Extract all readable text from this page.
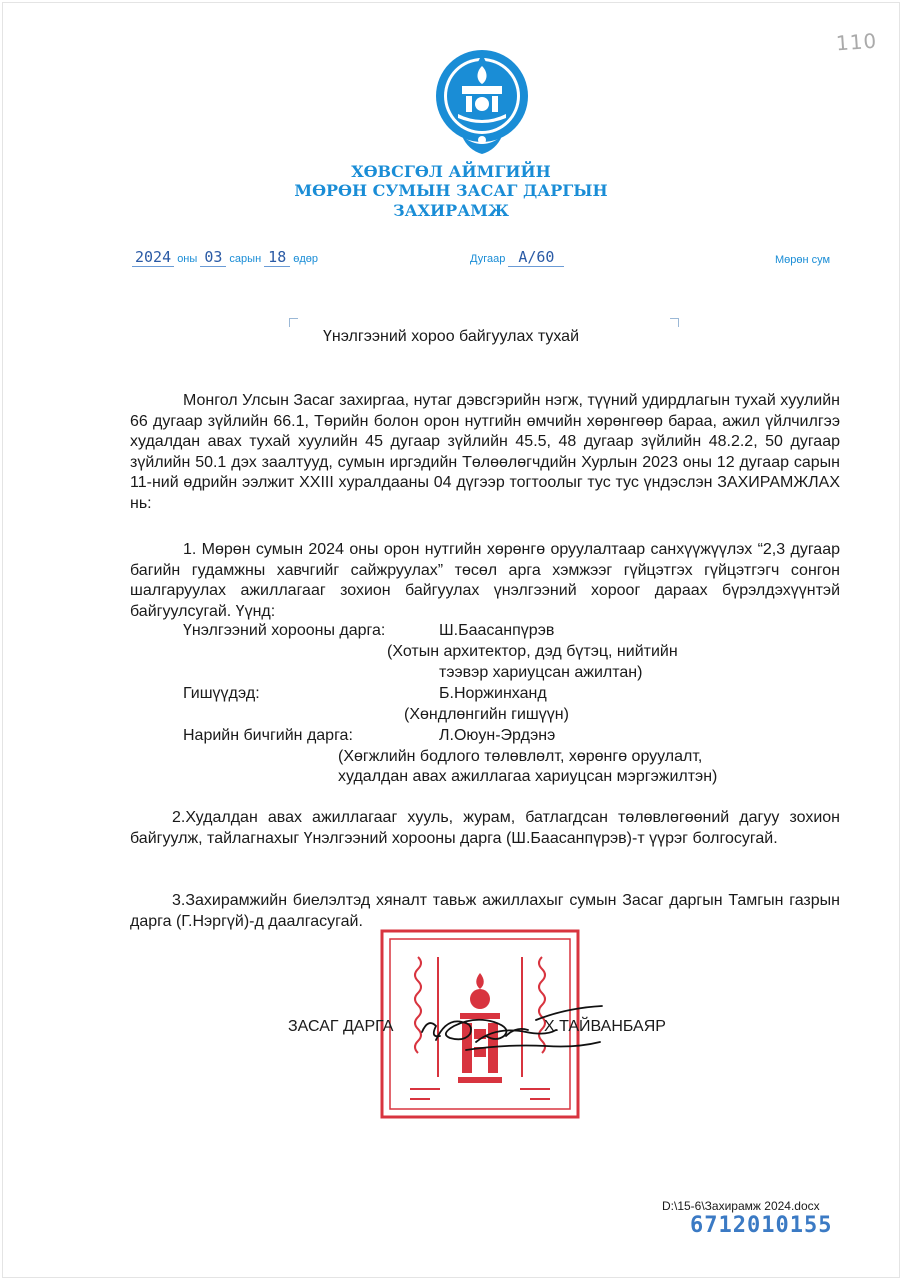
110
ХӨВСГӨЛ АЙМГИЙН
МӨРӨН СУМЫН ЗАСАГ ДАРГЫН
ЗАХИРАМЖ
2024 оны 03 сарын 18 өдөр	Дугаар А/60	Мөрөн сум
Үнэлгээний хороо байгуулах тухай
Монгол Улсын Засаг захиргаа, нутаг дэвсгэрийн нэгж, түүний удирдлагын тухай хуулийн 66 дугаар зүйлийн 66.1, Төрийн болон орон нутгийн өмчийн хөрөнгөөр бараа, ажил үйлчилгээ худалдан авах тухай хуулийн 45 дугаар зүйлийн 45.5, 48 дугаар зүйлийн 48.2.2, 50 дугаар зүйлийн 50.1 дэх заалтууд, сумын иргэдийн Төлөөлөгчдийн Хурлын 2023 оны 12 дугаар сарын 11-ний өдрийн ээлжит XXIII хуралдааны 04 дүгээр тогтоолыг тус тус үндэслэн ЗАХИРАМЖЛАХ нь:
1. Мөрөн сумын 2024 оны орон нутгийн хөрөнгө оруулалтаар санхүүжүүлэх “2,3 дугаар багийн гудамжны хавчгийг сайжруулах” төсөл арга хэмжээг гүйцэтгэх гүйцэтгэгч сонгон шалгаруулах ажиллагааг зохион байгуулах үнэлгээний хороог дараах бүрэлдэхүүнтэй байгуулсугай. Үүнд:
Үнэлгээний хорооны дарга:	Ш.Баасанпүрэв
(Хотын архитектор, дэд бүтэц, нийтийн
тээвэр хариуцсан ажилтан)
Гишүүдэд:	Б.Норжинханд
(Хөндлөнгийн гишүүн)
Нарийн бичгийн дарга:	Л.Оюун-Эрдэнэ
(Хөгжлийн бодлого төлөвлөлт, хөрөнгө оруулалт,
худалдан авах ажиллагаа хариуцсан мэргэжилтэн)
2.Худалдан авах ажиллагааг хууль, журам, батлагдсан төлөвлөгөөний дагуу зохион байгуулж, тайлагнахыг Үнэлгээний хорооны дарга (Ш.Баасанпүрэв)-т үүрэг болгосугай.
3.Захирамжийн биелэлтэд хяналт тавьж ажиллахыг сумын Засаг даргын Тамгын газрын дарга (Г.Нэргүй)-д даалгасугай.
ЗАСАГ ДАРГА	Х.ТАЙВАНБАЯР
D:\15-6\Захирамж 2024.docx
6712010155
